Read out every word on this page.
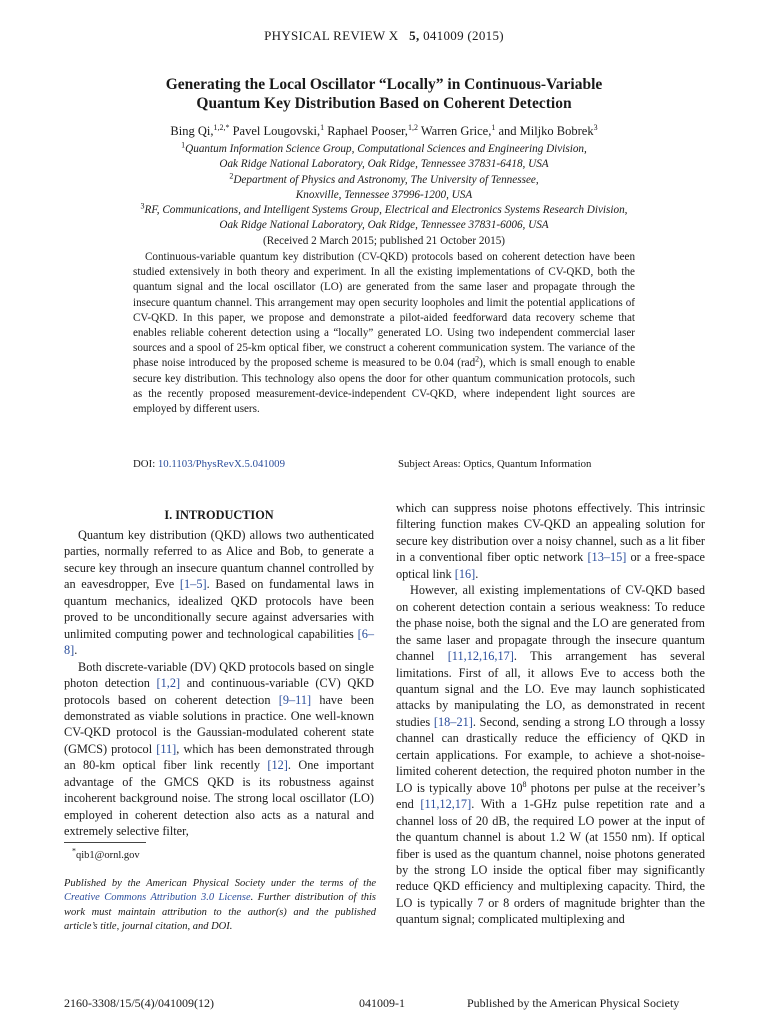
PHYSICAL REVIEW X 5, 041009 (2015)
Generating the Local Oscillator “Locally” in Continuous-Variable
Quantum Key Distribution Based on Coherent Detection
Bing Qi,$^{1,2,*}$ Pavel Lougovski,$^1$ Raphael Pooser,$^{1,2}$ Warren Grice,$^1$ and Miljko Bobrek$^3$
$^1$Quantum Information Science Group, Computational Sciences and Engineering Division,
Oak Ridge National Laboratory, Oak Ridge, Tennessee 37831-6418, USA
$^2$Department of Physics and Astronomy, The University of Tennessee,
Knoxville, Tennessee 37996-1200, USA
$^3$RF, Communications, and Intelligent Systems Group, Electrical and Electronics Systems Research Division,
Oak Ridge National Laboratory, Oak Ridge, Tennessee 37831-6006, USA
(Received 2 March 2015; published 21 October 2015)
Continuous-variable quantum key distribution (CV-QKD) protocols based on coherent detection have been studied extensively in both theory and experiment. In all the existing implementations of CV-QKD, both the quantum signal and the local oscillator (LO) are generated from the same laser and propagate through the insecure quantum channel. This arrangement may open security loopholes and limit the potential applications of CV-QKD. In this paper, we propose and demonstrate a pilot-aided feedforward data recovery scheme that enables reliable coherent detection using a “locally” generated LO. Using two independent commercial laser sources and a spool of 25-km optical fiber, we construct a coherent communication system. The variance of the phase noise introduced by the proposed scheme is measured to be 0.04 (rad$^2$), which is small enough to enable secure key distribution. This technology also opens the door for other quantum communication protocols, such as the recently proposed measurement-device-independent CV-QKD, where independent light sources are employed by different users.
DOI: 10.1103/PhysRevX.5.041009	Subject Areas: Optics, Quantum Information
I. INTRODUCTION

Quantum key distribution (QKD) allows two authenticated parties, normally referred to as Alice and Bob, to generate a secure key through an insecure quantum channel controlled by an eavesdropper, Eve [1–5]. Based on fundamental laws in quantum mechanics, idealized QKD protocols have been proved to be unconditionally secure against adversaries with unlimited computing power and technological capabilities [6–8].

Both discrete-variable (DV) QKD protocols based on single photon detection [1,2] and continuous-variable (CV) QKD protocols based on coherent detection [9–11] have been demonstrated as viable solutions in practice. One well-known CV-QKD protocol is the Gaussian-modulated coherent state (GMCS) protocol [11], which has been demonstrated through an 80-km optical fiber link recently [12]. One important advantage of the GMCS QKD is its robustness against incoherent background noise. The strong local oscillator (LO) employed in coherent detection also acts as a natural and extremely selective filter,

*qib1@ornl.gov
Published by the American Physical Society under the terms of the Creative Commons Attribution 3.0 License. Further distribution of this work must maintain attribution to the author(s) and the published article’s title, journal citation, and DOI.

which can suppress noise photons effectively. This intrinsic filtering function makes CV-QKD an appealing solution for secure key distribution over a noisy channel, such as a lit fiber in a conventional fiber optic network [13–15] or a free-space optical link [16].

However, all existing implementations of CV-QKD based on coherent detection contain a serious weakness: To reduce the phase noise, both the signal and the LO are generated from the same laser and propagate through the insecure quantum channel [11,12,16,17]. This arrangement has several limitations. First of all, it allows Eve to access both the quantum signal and the LO. Eve may launch sophisticated attacks by manipulating the LO, as demonstrated in recent studies [18–21]. Second, sending a strong LO through a lossy channel can drastically reduce the efficiency of QKD in certain applications. For example, to achieve a shot-noise-limited coherent detection, the required photon number in the LO is typically above $10^8$ photons per pulse at the receiver’s end [11,12,17]. With a 1-GHz pulse repetition rate and a channel loss of 20 dB, the required LO power at the input of the quantum channel is about 1.2 W (at 1550 nm). If optical fiber is used as the quantum channel, noise photons generated by the strong LO inside the optical fiber may significantly reduce QKD efficiency and multiplexing capacity. Third, the LO is typically 7 or 8 orders of magnitude brighter than the quantum signal; complicated multiplexing and

2160-3308/15/5(4)/041009(12)	041009-1	Published by the American Physical Society
